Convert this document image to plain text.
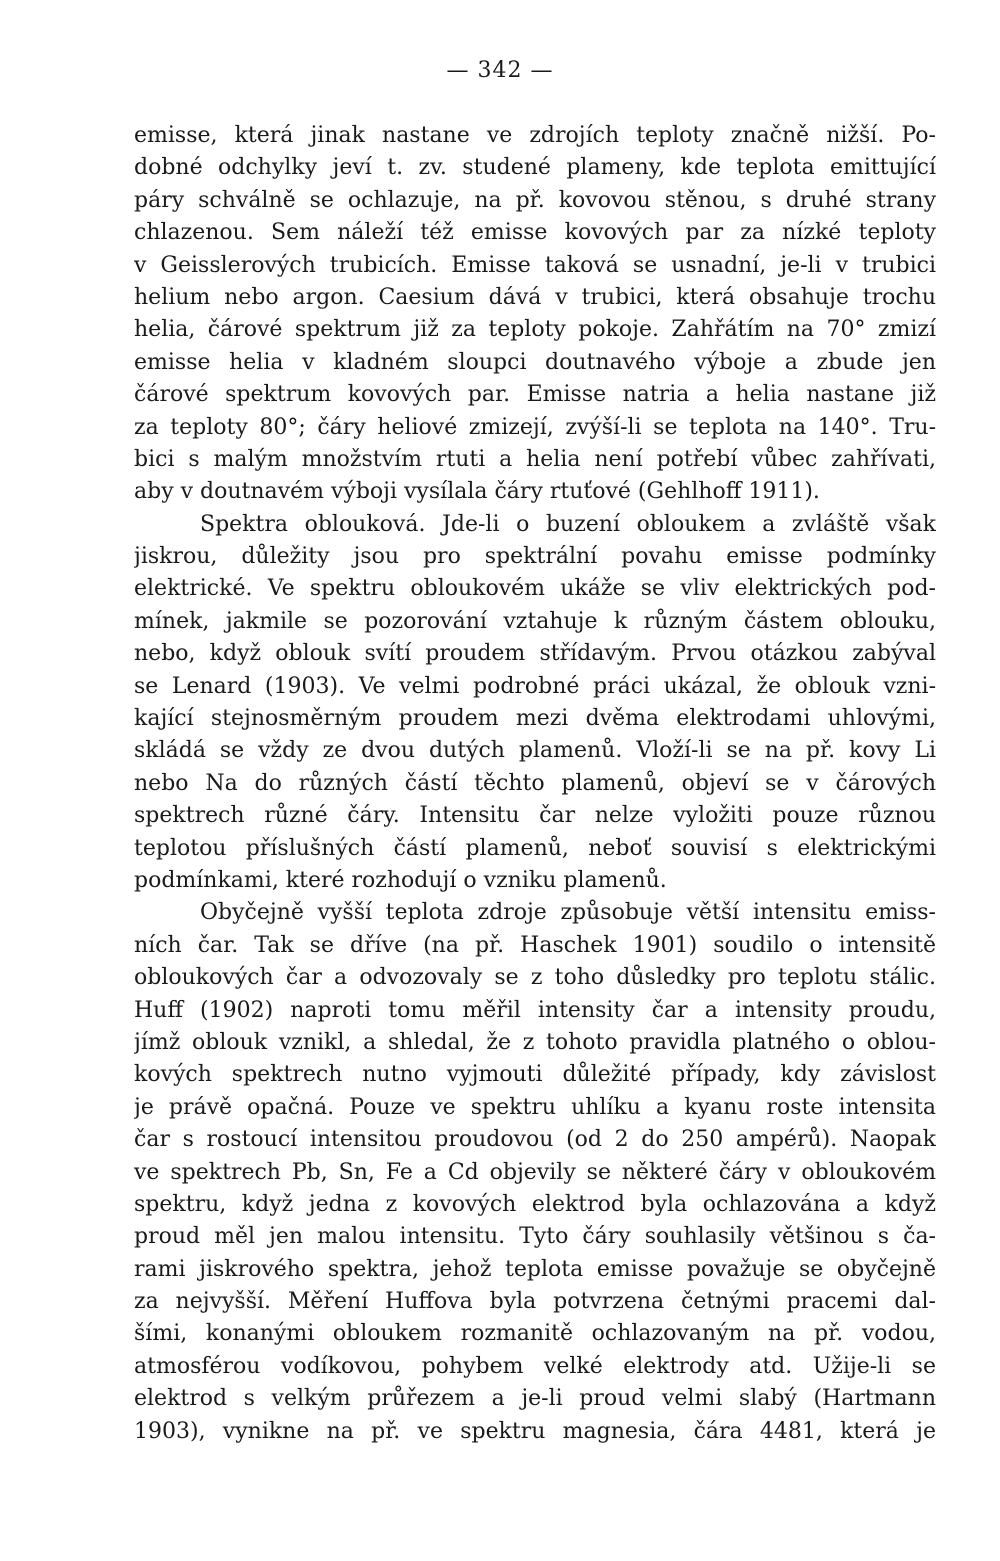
— 342 —
emisse, která jinak nastane ve zdrojích teploty značně nižší. Po-
dobné odchylky jeví t. zv. studené plameny, kde teplota emittující
páry schválně se ochlazuje, na př. kovovou stěnou, s druhé strany
chlazenou. Sem náleží též emisse kovových par za nízké teploty
v Geisslerových trubicích. Emisse taková se usnadní, je-li v trubici
helium nebo argon. Caesium dává v trubici, která obsahuje trochu
helia, čárové spektrum již za teploty pokoje. Zahřátím na 70° zmizí
emisse helia v kladném sloupci doutnavého výboje a zbude jen
čárové spektrum kovových par. Emisse natria a helia nastane již
za teploty 80°; čáry heliové zmizejí, zvýší-li se teplota na 140°. Tru-
bici s malým množstvím rtuti a helia není potřebí vůbec zahřívati,
aby v doutnavém výboji vysílala čáry rtuťové (Gehlhoff 1911).
Spektra oblouková. Jde-li o buzení obloukem a zvláště však
jiskrou, důležity jsou pro spektrální povahu emisse podmínky
elektrické. Ve spektru obloukovém ukáže se vliv elektrických pod-
mínek, jakmile se pozorování vztahuje k různým částem oblouku,
nebo, když oblouk svítí proudem střídavým. Prvou otázkou zabýval
se Lenard (1903). Ve velmi podrobné práci ukázal, že oblouk vzni-
kající stejnosměrným proudem mezi dvěma elektrodami uhlovými,
skládá se vždy ze dvou dutých plamenů. Vloží-li se na př. kovy Li
nebo Na do různých částí těchto plamenů, objeví se v čárových
spektrech různé čáry. Intensitu čar nelze vyložiti pouze různou
teplotou příslušných částí plamenů, neboť souvisí s elektrickými
podmínkami, které rozhodují o vzniku plamenů.
Obyčejně vyšší teplota zdroje způsobuje větší intensitu emiss-
ních čar. Tak se dříve (na př. Haschek 1901) soudilo o intensitě
obloukových čar a odvozovaly se z toho důsledky pro teplotu stálic.
Huff (1902) naproti tomu měřil intensity čar a intensity proudu,
jímž oblouk vznikl, a shledal, že z tohoto pravidla platného o oblou-
kových spektrech nutno vyjmouti důležité případy, kdy závislost
je právě opačná. Pouze ve spektru uhlíku a kyanu roste intensita
čar s rostoucí intensitou proudovou (od 2 do 250 ampérů). Naopak
ve spektrech Pb, Sn, Fe a Cd objevily se některé čáry v obloukovém
spektru, když jedna z kovových elektrod byla ochlazována a když
proud měl jen malou intensitu. Tyto čáry souhlasily většinou s ča-
rami jiskrového spektra, jehož teplota emisse považuje se obyčejně
za nejvyšší. Měření Huffova byla potvrzena četnými pracemi dal-
šími, konanými obloukem rozmanitě ochlazovaným na př. vodou,
atmosférou vodíkovou, pohybem velké elektrody atd. Užije-li se
elektrod s velkým průřezem a je-li proud velmi slabý (Hartmann
1903), vynikne na př. ve spektru magnesia, čára 4481, která je
